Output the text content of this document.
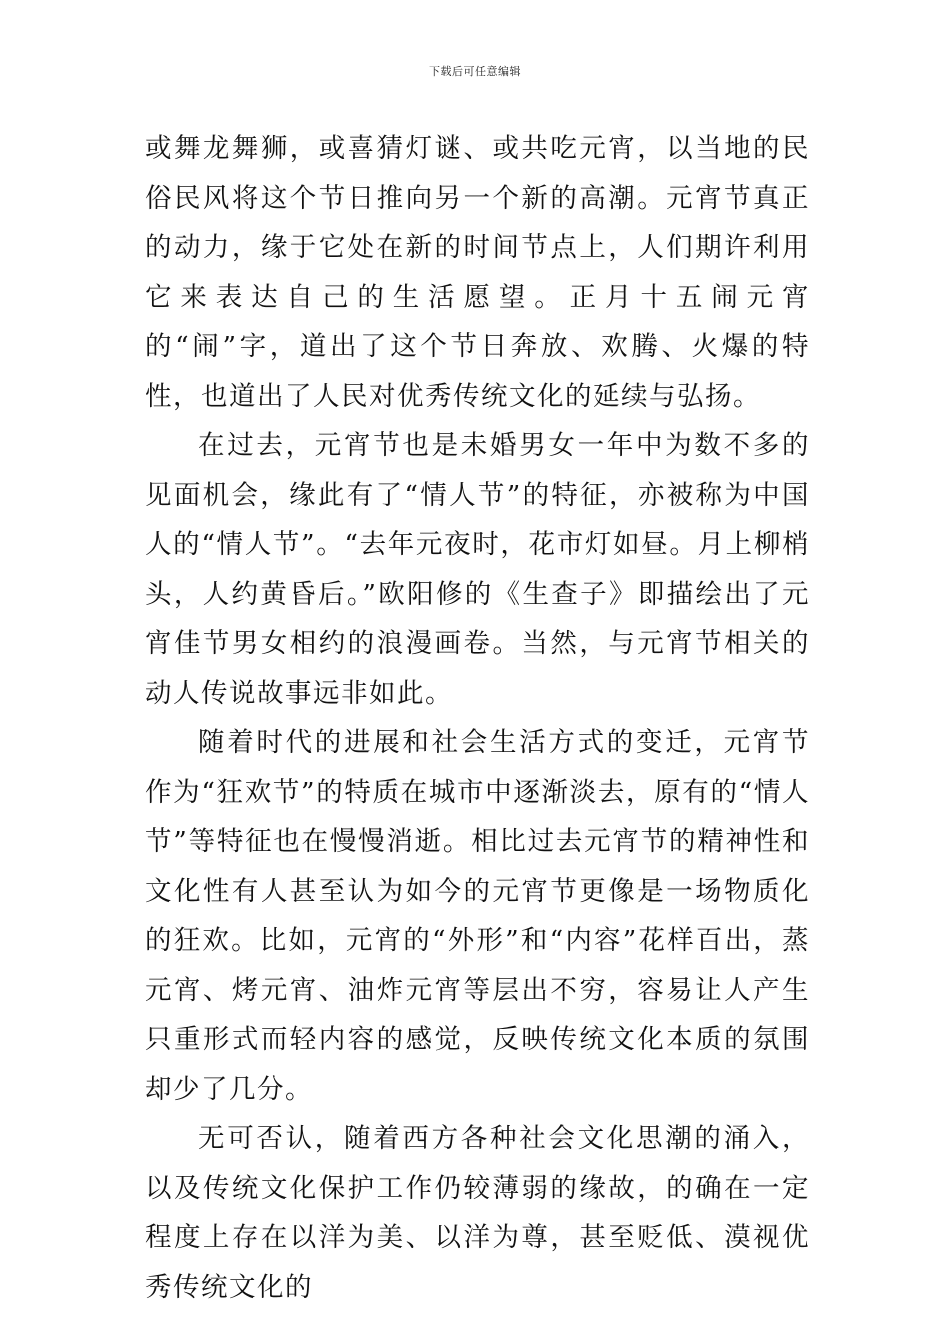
下载后可任意编辑

或舞龙舞狮，或喜猜灯谜、或共吃元宵，以当地的民俗民风将这个节日推向另一个新的高潮。元宵节真正的动力，缘于它处在新的时间节点上，人们期许利用它来表达自己的生活愿望。正月十五闹元宵的“闹”字，道出了这个节日奔放、欢腾、火爆的特性，也道出了人民对优秀传统文化的延续与弘扬。

在过去，元宵节也是未婚男女一年中为数不多的见面机会，缘此有了“情人节”的特征，亦被称为中国人的“情人节”。“去年元夜时，花市灯如昼。月上柳梢头，人约黄昏后。”欧阳修的《生查子》即描绘出了元宵佳节男女相约的浪漫画卷。当然，与元宵节相关的动人传说故事远非如此。

随着时代的进展和社会生活方式的变迁，元宵节作为“狂欢节”的特质在城市中逐渐淡去，原有的“情人节”等特征也在慢慢消逝。相比过去元宵节的精神性和文化性有人甚至认为如今的元宵节更像是一场物质化的狂欢。比如，元宵的“外形”和“内容”花样百出，蒸元宵、烤元宵、油炸元宵等层出不穷，容易让人产生只重形式而轻内容的感觉，反映传统文化本质的氛围却少了几分。

无可否认，随着西方各种社会文化思潮的涌入，以及传统文化保护工作仍较薄弱的缘故，的确在一定程度上存在以洋为美、以洋为尊，甚至贬低、漠视优秀传统文化的
